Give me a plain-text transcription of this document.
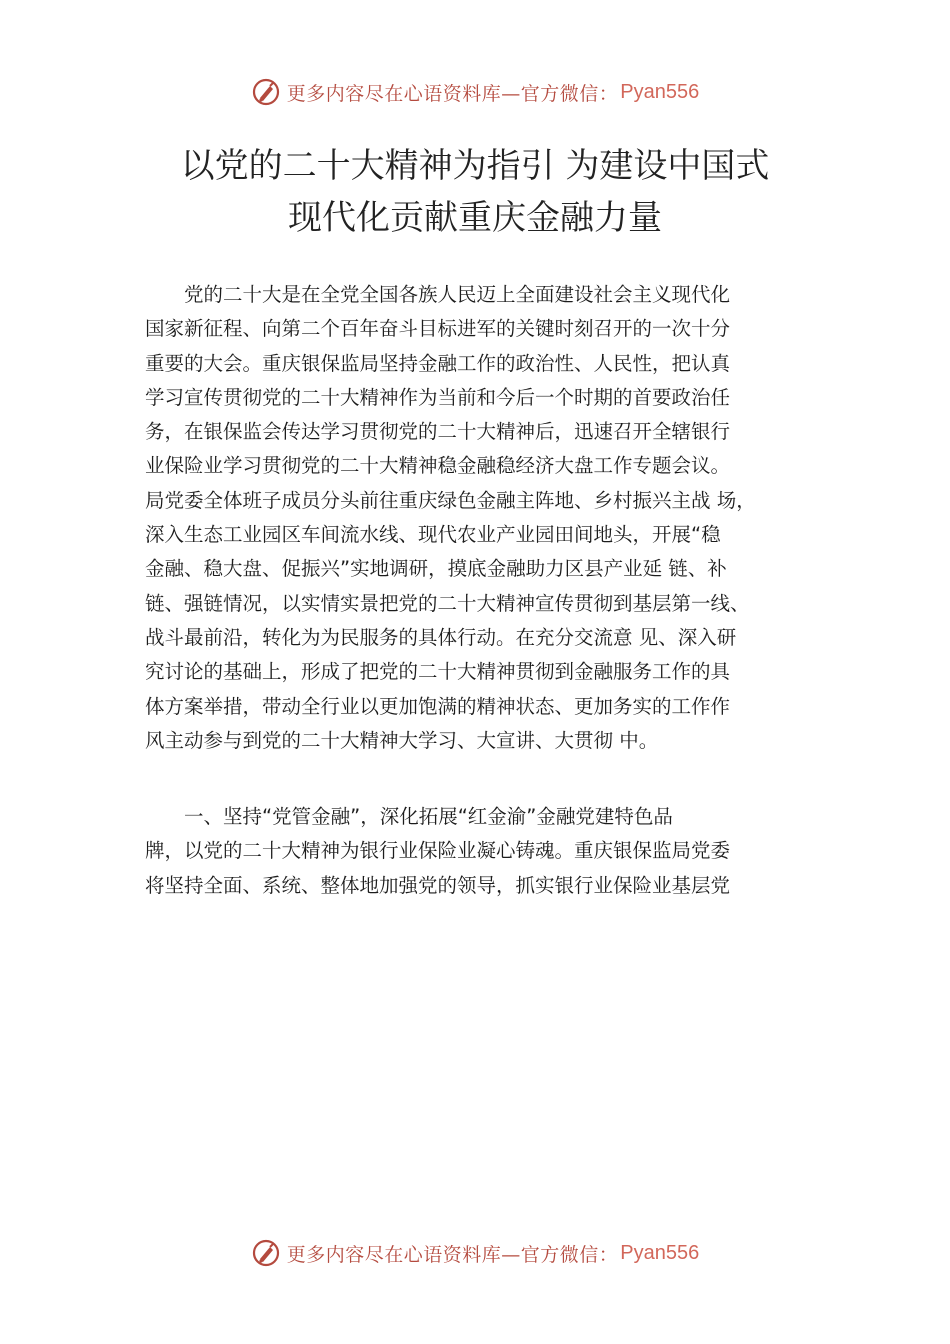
更多内容尽在心语资料库—官方微信： Pyan556
以党的二十大精神为指引 为建设中国式
现代化贡献重庆金融力量
　　党的二十大是在全党全国各族人民迈上全面建设社会主义现代化
国家新征程、向第二个百年奋斗目标进军的关键时刻召开的一次十分
重要的大会。重庆银保监局坚持金融工作的政治性、人民性，把认真
学习宣传贯彻党的二十大精神作为当前和今后一个时期的首要政治任
务，在银保监会传达学习贯彻党的二十大精神后，迅速召开全辖银行
业保险业学习贯彻党的二十大精神稳金融稳经济大盘工作专题会议。
局党委全体班子成员分头前往重庆绿色金融主阵地、乡村振兴主战 场，
深入生态工业园区车间流水线、现代农业产业园田间地头，开展“稳
金融、稳大盘、促振兴”实地调研，摸底金融助力区县产业延 链、补
链、强链情况，以实情实景把党的二十大精神宣传贯彻到基层第一线、
战斗最前沿，转化为为民服务的具体行动。在充分交流意 见、深入研
究讨论的基础上，形成了把党的二十大精神贯彻到金融服务工作的具
体方案举措，带动全行业以更加饱满的精神状态、更加务实的工作作
风主动参与到党的二十大精神大学习、大宣讲、大贯彻 中。
　　一、坚持“党管金融”，深化拓展“红金渝”金融党建特色品
牌，以党的二十大精神为银行业保险业凝心铸魂。重庆银保监局党委
将坚持全面、系统、整体地加强党的领导，抓实银行业保险业基层党
更多内容尽在心语资料库—官方微信： Pyan556
